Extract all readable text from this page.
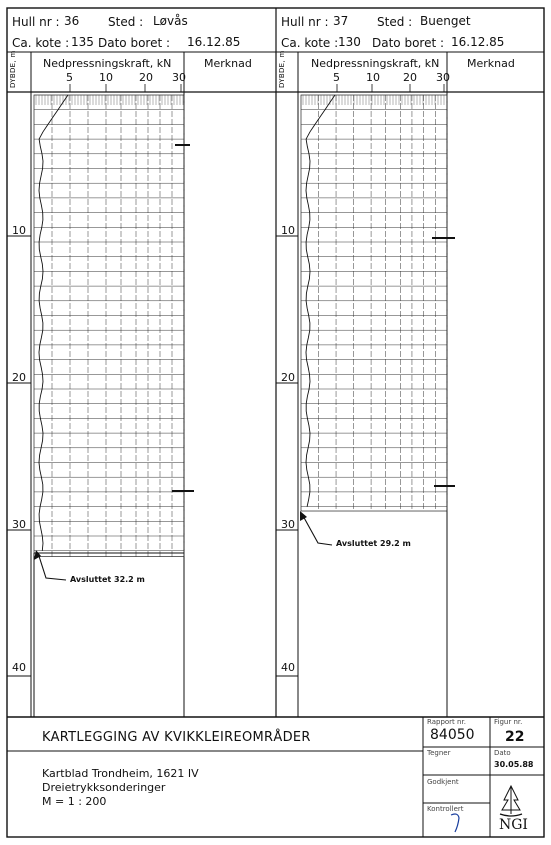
Hull nr : 36 Sted : Løvås
Ca. kote : 135 Dato boret : 16.12.85
Hull nr : 37 Sted : Buenget
Ca. kote : 130 Dato boret : 16.12.85
DYBDE, m Nedpressningskraft, kN	Merknad
5 10 20 30	DYBDE, m Nedpressningskraft, kN	Merknad
5 10 20 30
10
20
30
40
10
20
30
40
Avsluttet 32.2 m
Avsluttet 29.2 m
KARTLEGGING AV KVIKKLEIREOMRÅDER
Kartblad Trondheim, 1621 IV
Dreietrykksonderinger
M = 1 : 200
Rapport nr.
84050
Figur nr.
22
Tegner	Dato
30.05.88
Godkjent
Kontrollert
NGI
